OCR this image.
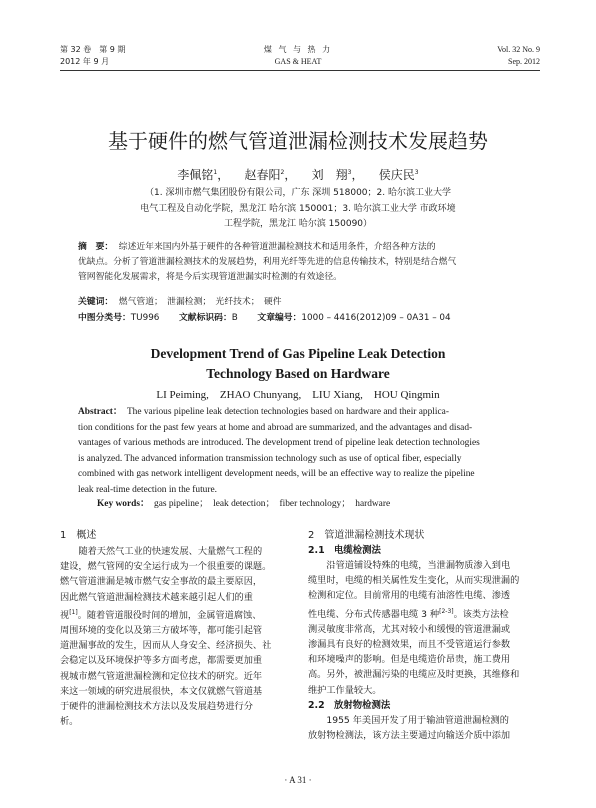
第 32 卷　第 9 期
2012 年 9 月
煤 气 与 热 力
GAS & HEAT
Vol. 32 No. 9
Sep. 2012
基于硬件的燃气管道泄漏检测技术发展趋势
李佩铭$^1$，    赵春阳$^2$，    刘　翔$^3$，    侯庆民$^3$
（1. 深圳市燃气集团股份有限公司，广东 深圳 518000；2. 哈尔滨工业大学
电气工程及自动化学院，黑龙江 哈尔滨 150001；3. 哈尔滨工业大学 市政环境
工程学院，黑龙江 哈尔滨 150090）
摘　要： 综述近年来国内外基于硬件的各种管道泄漏检测技术和适用条件，介绍各种方法的
优缺点。分析了管道泄漏检测技术的发展趋势，利用光纤等先进的信息传输技术，特别是结合燃气
管网智能化发展需求，将是今后实现管道泄漏实时检测的有效途径。
关键词： 燃气管道；　泄漏检测；　光纤技术；　硬件
中图分类号：TU996 文献标识码：B 文章编号：1000 – 4416(2012)09 – 0A31 – 04
Development Trend of Gas Pipeline Leak Detection
Technology Based on Hardware
LI Peiming,　ZHAO Chunyang,　LIU Xiang,　HOU Qingmin
Abstract： The various pipeline leak detection technologies based on hardware and their applica-
tion conditions for the past few years at home and abroad are summarized, and the advantages and disad-
vantages of various methods are introduced. The development trend of pipeline leak detection technologies
is analyzed. The advanced information transmission technology such as use of optical fiber, especially
combined with gas network intelligent development needs, will be an effective way to realize the pipeline
leak real-time detection in the future.
Key words： gas pipeline；　leak detection；　fiber technology；　hardware
1　概述
随着天然气工业的快速发展、大量燃气工程的
建设，燃气管网的安全运行成为一个很重要的课题。
燃气管道泄漏是城市燃气安全事故的最主要原因，
因此燃气管道泄漏检测技术越来越引起人们的重
视[1]。随着管道服役时间的增加，金属管道腐蚀、
周围环境的变化以及第三方破坏等，都可能引起管
道泄漏事故的发生，因而从人身安全、经济损失、社
会稳定以及环境保护等多方面考虑，都需要更加重
视城市燃气管道泄漏检测和定位技术的研究。近年
来这一领域的研究进展很快，本文仅就燃气管道基
于硬件的泄漏检测技术方法以及发展趋势进行分
析。
2　管道泄漏检测技术现状
2.1　电缆检测法
沿管道铺设特殊的电缆，当泄漏物质渗入到电
缆里时，电缆的相关属性发生变化，从而实现泄漏的
检测和定位。目前常用的电缆有油溶性电缆、渗透
性电缆、分布式传感器电缆 3 种[2-3]。该类方法检
测灵敏度非常高，尤其对较小和缓慢的管道泄漏或
渗漏具有良好的检测效果，而且不受管道运行参数
和环境噪声的影响。但是电缆造价昂贵，施工费用
高。另外，被泄漏污染的电缆应及时更换，其维修和
维护工作量较大。
2.2　放射物检测法
1955 年美国开发了用于输油管道泄漏检测的
放射物检测法，该方法主要通过向输送介质中添加
· A 31 ·
